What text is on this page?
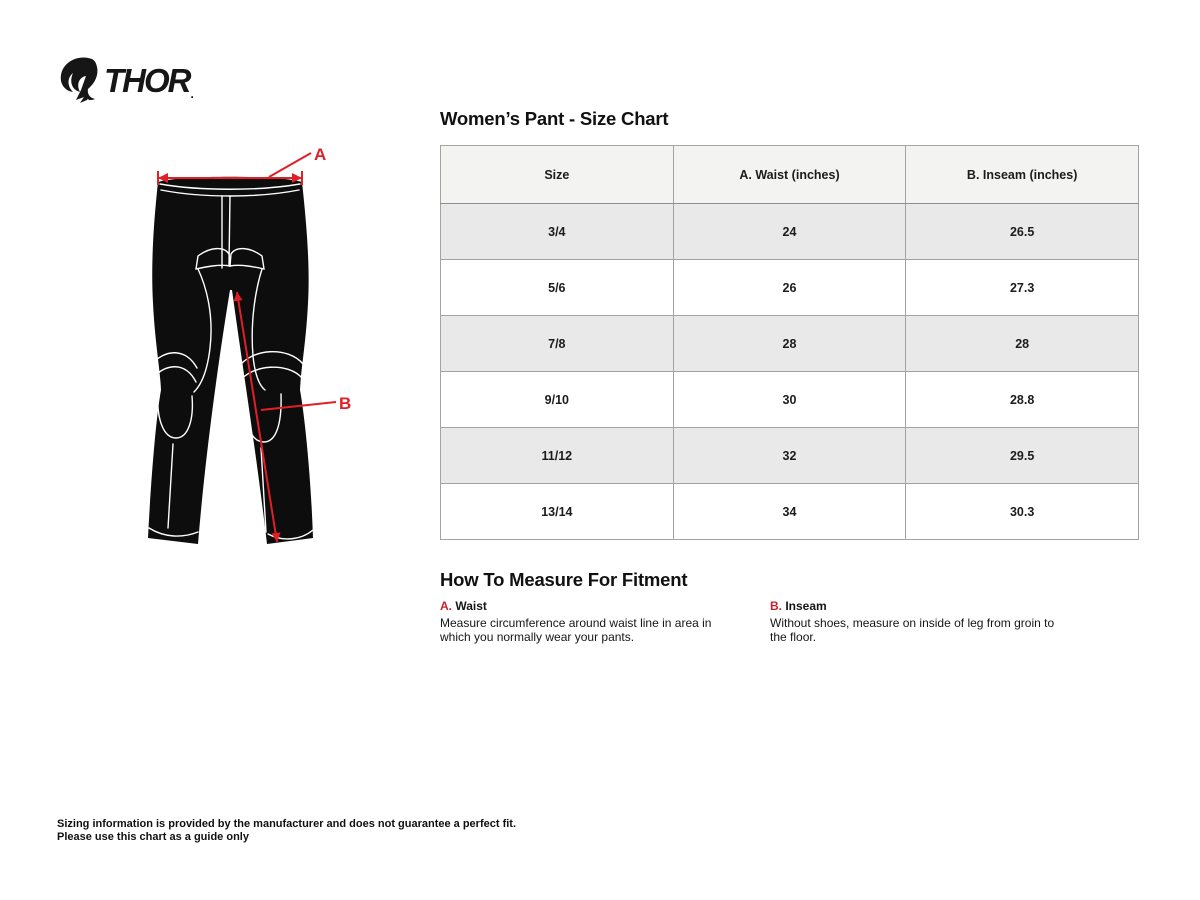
THOR .
A
B
Women’s Pant - Size Chart
Size	A. Waist (inches)	B. Inseam (inches)
3/4	24	26.5
5/6	26	27.3
7/8	28	28
9/10	30	28.8
11/12	32	29.5
13/14	34	30.3
How To Measure For Fitment

A. Waist

Measure circumference around waist line in area in which you normally wear your pants.

B. Inseam

Without shoes, measure on inside of leg from groin to the floor.

Sizing information is provided by the manufacturer and does not guarantee a perfect fit.
Please use this chart as a guide only
